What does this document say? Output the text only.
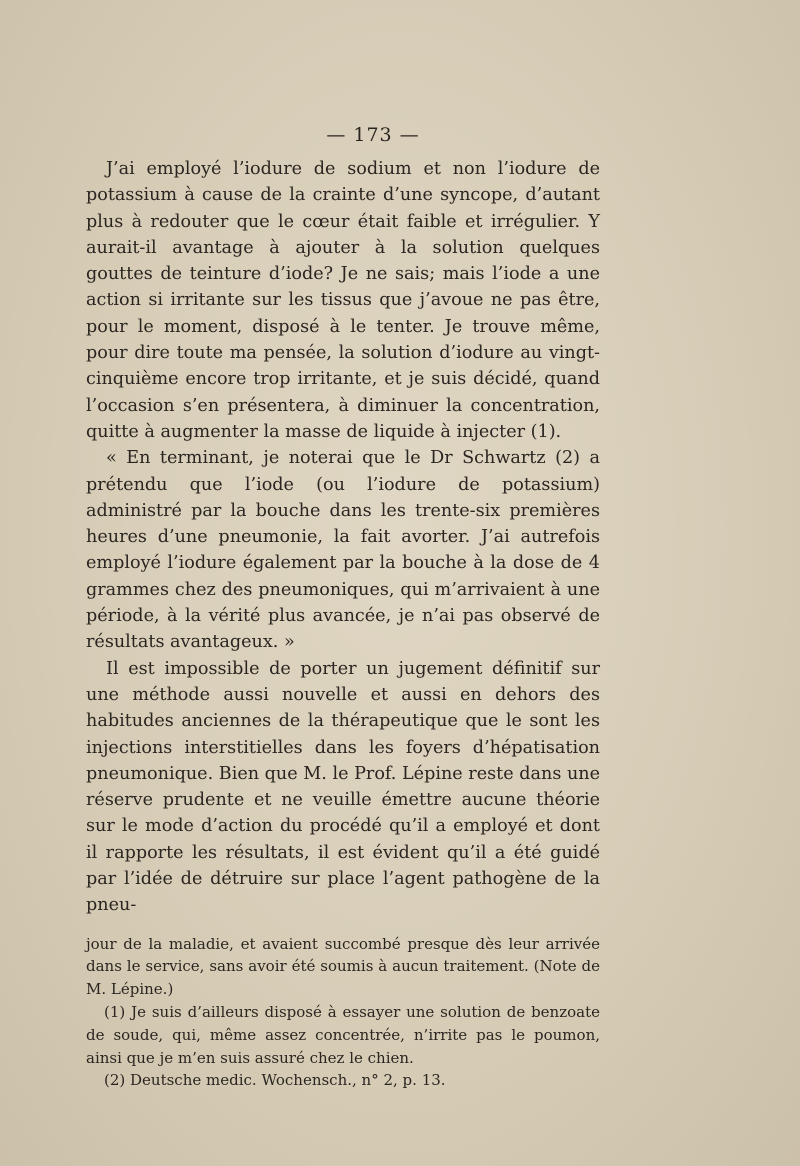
— 173 —

J’ai employé l’iodure de sodium et non l’iodure de potassium à cause de la crainte d’une syncope, d’autant plus à redouter que le cœur était faible et irrégulier. Y aurait-il avantage à ajouter à la solution quelques gouttes de teinture d’iode? Je ne sais; mais l’iode a une action si irritante sur les tissus que j’avoue ne pas être, pour le moment, disposé à le tenter. Je trouve même, pour dire toute ma pensée, la solution d’iodure au vingt-cinquième encore trop irritante, et je suis décidé, quand l’occasion s’en présentera, à diminuer la concentration, quitte à augmenter la masse de liquide à injecter (1).

« En terminant, je noterai que le Dr Schwartz (2) a prétendu que l’iode (ou l’iodure de potassium) administré par la bouche dans les trente-six premières heures d’une pneumonie, la fait avorter. J’ai autrefois employé l’iodure également par la bouche à la dose de 4 grammes chez des pneumoniques, qui m’arrivaient à une période, à la vérité plus avancée, je n’ai pas observé de résultats avantageux. »

Il est impossible de porter un jugement définitif sur une méthode aussi nouvelle et aussi en dehors des habitudes anciennes de la thérapeutique que le sont les injections interstitielles dans les foyers d’hépatisation pneumonique. Bien que M. le Prof. Lépine reste dans une réserve prudente et ne veuille émettre aucune théorie sur le mode d’action du procédé qu’il a employé et dont il rapporte les résultats, il est évident qu’il a été guidé par l’idée de détruire sur place l’agent pathogène de la pneu-

jour de la maladie, et avaient succombé presque dès leur arrivée dans le service, sans avoir été soumis à aucun traitement. (Note de M. Lépine.)

(1) Je suis d’ailleurs disposé à essayer une solution de benzoate de soude, qui, même assez concentrée, n’irrite pas le poumon, ainsi que je m’en suis assuré chez le chien.

(2) Deutsche medic. Wochensch., n° 2, p. 13.
